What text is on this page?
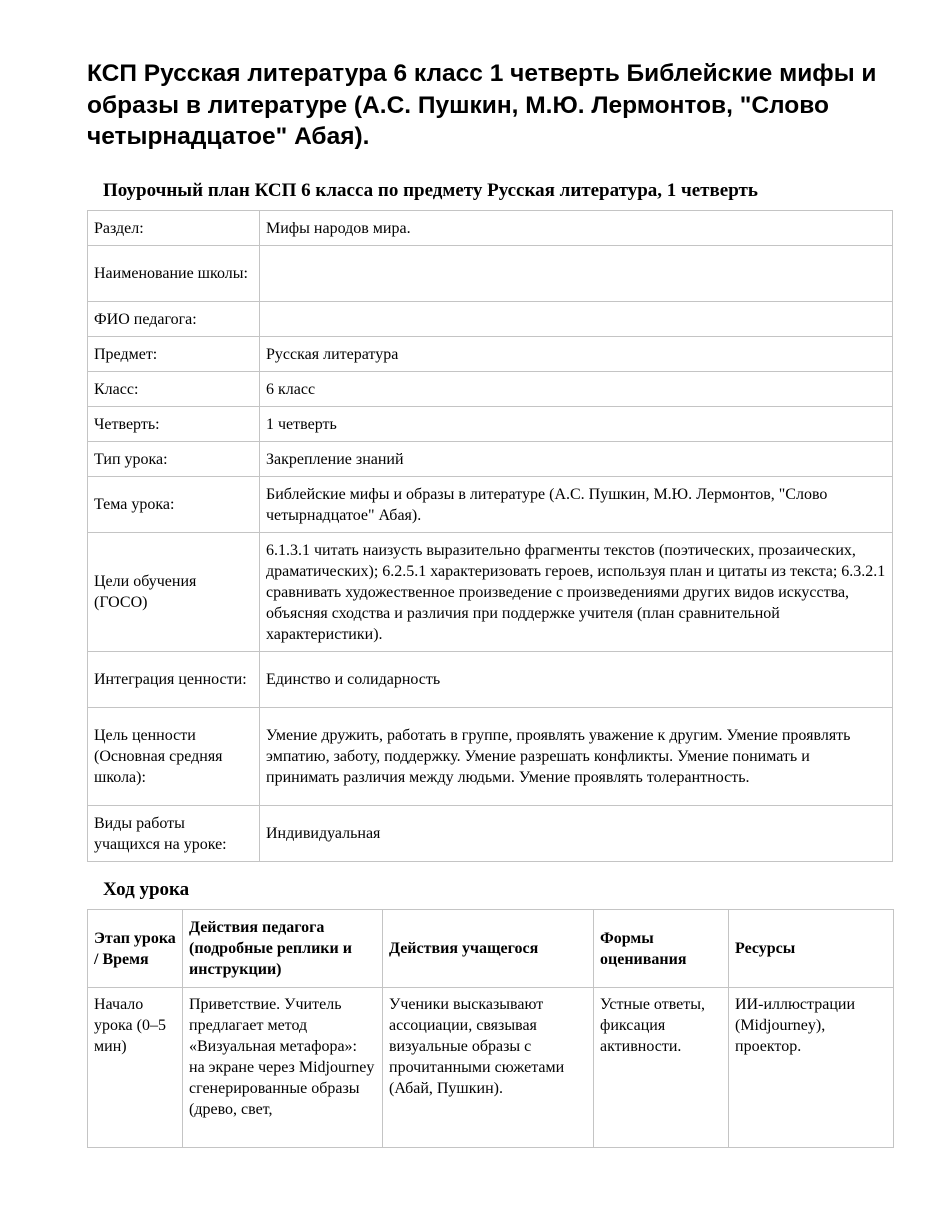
КСП Русская литература 6 класс 1 четверть Библейские мифы и образы в литературе (А.С. Пушкин, М.Ю. Лермонтов, "Слово четырнадцатое" Абая).
Поурочный план КСП 6 класса по предмету Русская литература, 1 четверть
Раздел:	Мифы народов мира.
Наименование школы:	
ФИО педагога:	
Предмет:	Русская литература
Класс:	6 класс
Четверть:	1 четверть
Тип урока:	Закрепление знаний
Тема урока:	Библейские мифы и образы в литературе (А.С. Пушкин, М.Ю. Лермонтов, "Слово четырнадцатое" Абая).
Цели обучения (ГОСО)	6.1.3.1 читать наизусть выразительно фрагменты текстов (поэтических, прозаических, драматических); 6.2.5.1 характеризовать героев, используя план и цитаты из текста; 6.3.2.1 сравнивать художественное произведение с произведениями других видов искусства, объясняя сходства и различия при поддержке учителя (план сравнительной характеристики).
Интеграция ценности:	Единство и солидарность
Цель ценности (Основная средняя школа):	Умение дружить, работать в группе, проявлять уважение к другим. Умение проявлять эмпатию, заботу, поддержку. Умение разрешать конфликты. Умение понимать и принимать различия между людьми. Умение проявлять толерантность.
Виды работы учащихся на уроке:	Индивидуальная
Ход урока
Этап урока / Время	Действия педагога (подробные реплики и инструкции)	Действия учащегося	Формы оценивания	Ресурсы
Начало урока (0–5 мин)	Приветствие. Учитель предлагает метод «Визуальная метафора»: на экране через Midjourney сгенерированные образы (древо, свет,	Ученики высказывают ассоциации, связывая визуальные образы с прочитанными сюжетами (Абай, Пушкин).	Устные ответы, фиксация активности.	ИИ-иллюстрации (Midjourney), проектор.
